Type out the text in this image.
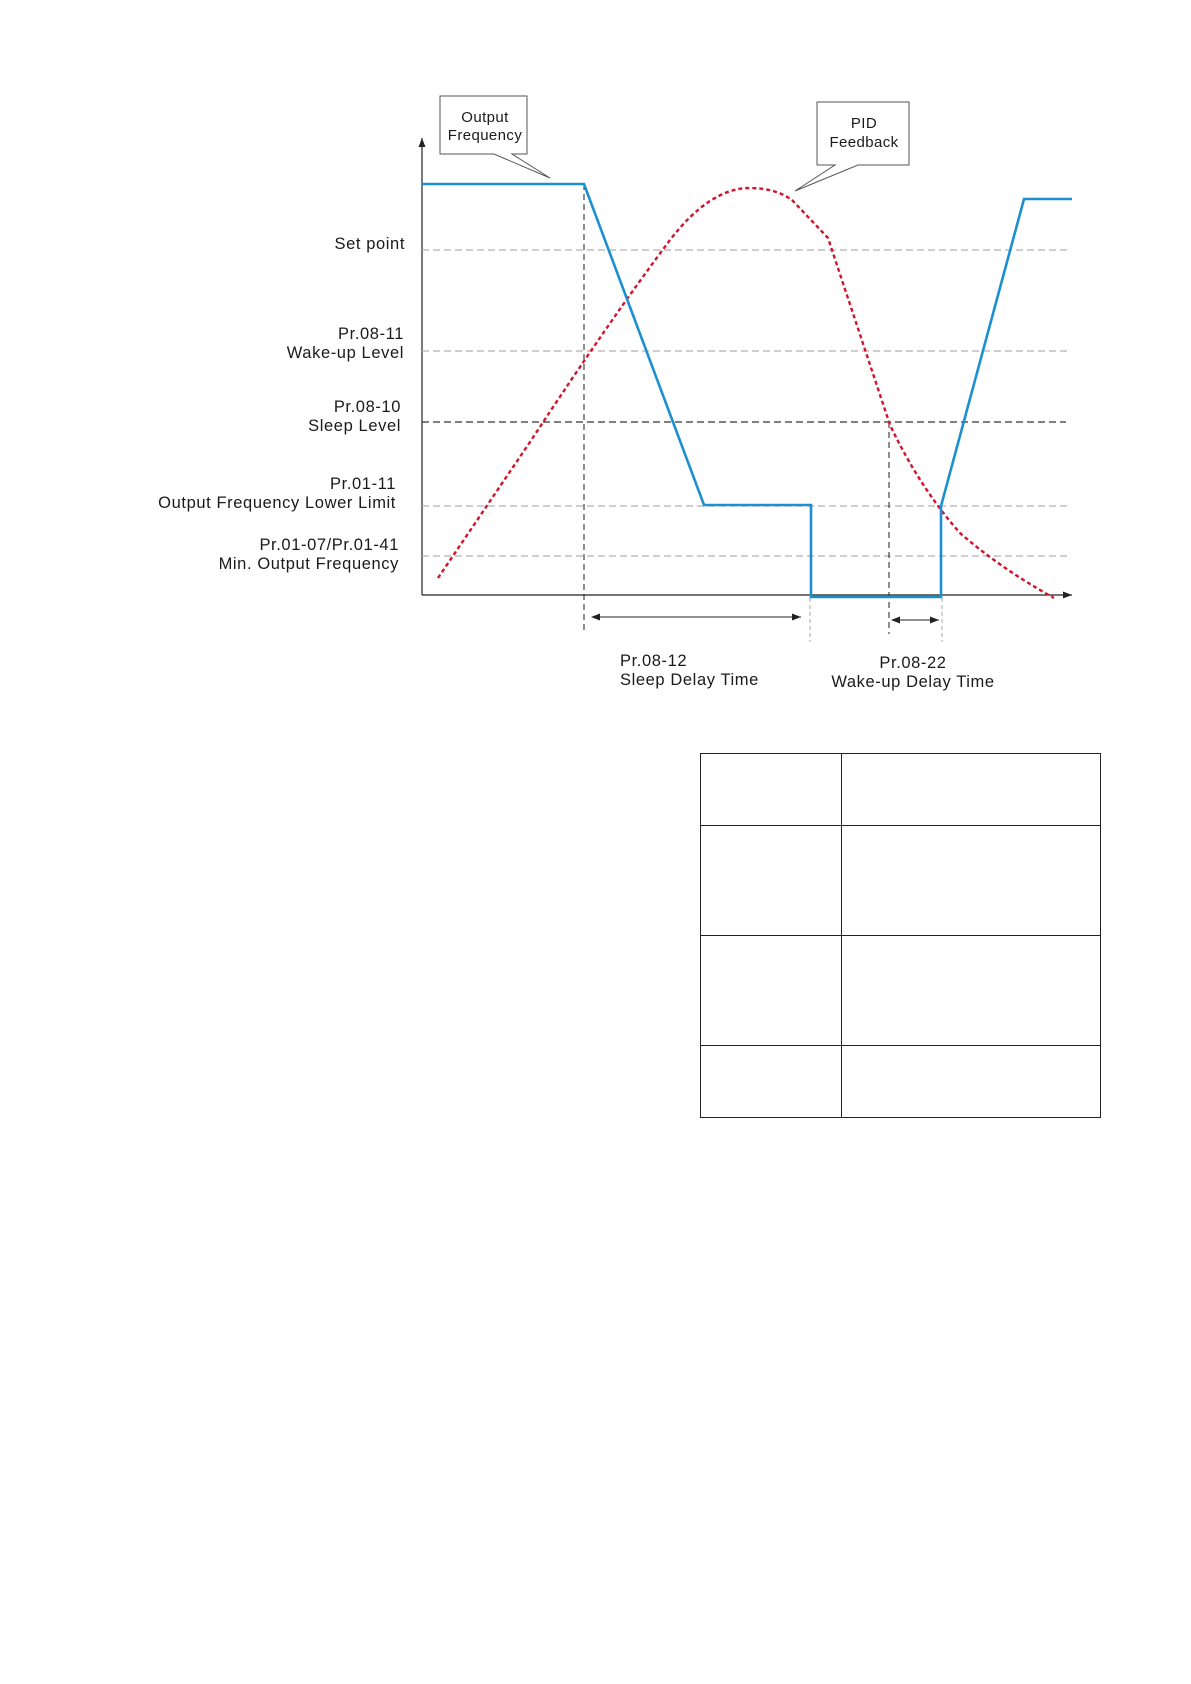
Output
Frequency
PID
Feedback
Set point
Pr.08-11
Wake-up Level
Pr.08-10
Sleep Level
Pr.01-11
Output Frequency Lower Limit
Pr.01-07/Pr.01-41
Min. Output Frequency
Pr.08-12
Sleep Delay Time
Pr.08-22
Wake-up Delay Time
